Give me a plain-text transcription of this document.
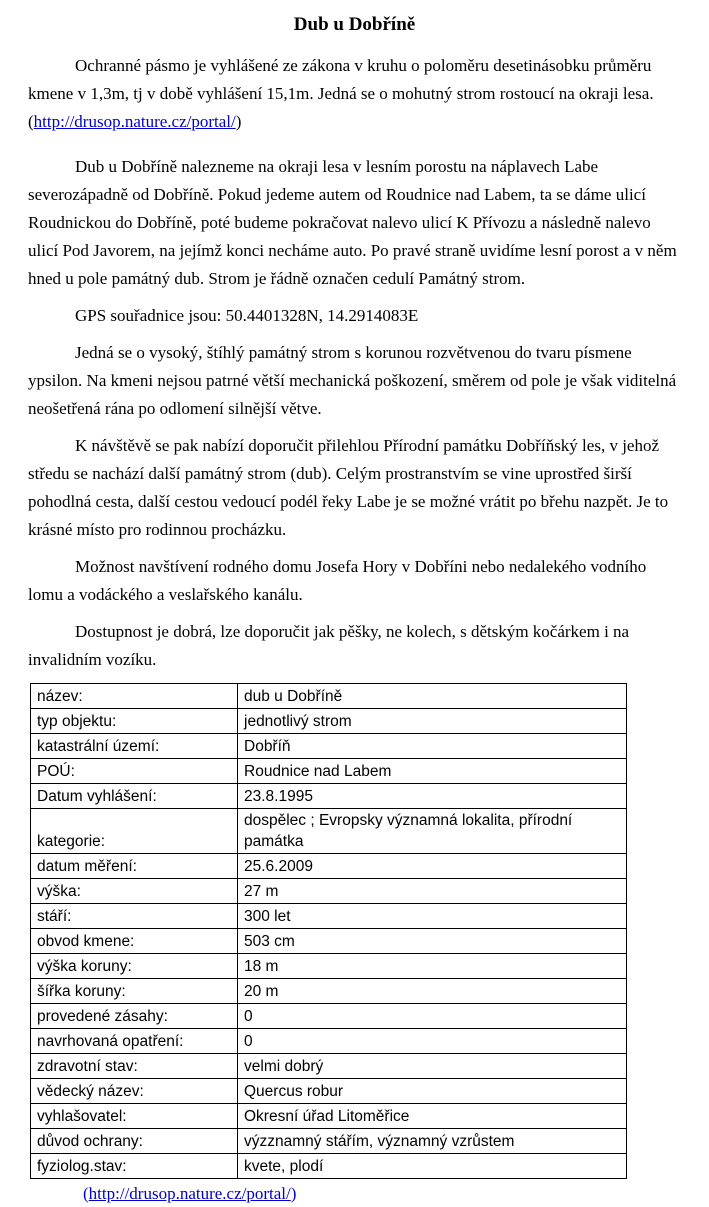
Dub u Dobříně

Ochranné pásmo je vyhlášené ze zákona v kruhu o poloměru desetinásobku průměru kmene v 1,3m, tj v době vyhlášení 15,1m. Jedná se o mohutný strom rostoucí na okraji lesa. (http://drusop.nature.cz/portal/)

Dub u Dobříně nalezneme na okraji lesa v lesním porostu na náplavech Labe severozápadně od Dobříně. Pokud jedeme autem od Roudnice nad Labem, ta se dáme ulicí Roudnickou do Dobříně, poté budeme pokračovat nalevo ulicí K Přívozu a následně nalevo ulicí Pod Javorem, na jejímž konci necháme auto. Po pravé straně uvidíme lesní porost a v něm hned u pole památný dub. Strom je řádně označen cedulí Památný strom.

GPS souřadnice jsou: 50.4401328N, 14.2914083E

Jedná se o vysoký, štíhlý památný strom s korunou rozvětvenou do tvaru písmene ypsilon. Na kmeni nejsou patrné větší mechanická poškození, směrem od pole je však viditelná neošetřená rána po odlomení silnější větve.

K návštěvě se pak nabízí doporučit přilehlou Přírodní památku Dobříňský les, v jehož středu se nachází další památný strom (dub). Celým prostranstvím se vine uprostřed širší pohodlná cesta, další cestou vedoucí podél řeky Labe je se možné vrátit po břehu nazpět. Je to krásné místo pro rodinnou procházku.

Možnost navštívení rodného domu Josefa Hory v Dobříni nebo nedalekého vodního lomu a vodáckého a veslařského kanálu.

Dostupnost je dobrá, lze doporučit jak pěšky, ne kolech, s dětským kočárkem i na invalidním vozíku.

název:	dub u Dobříně
typ objektu:	jednotlivý strom
katastrální území:	Dobříň
POÚ:	Roudnice nad Labem
Datum vyhlášení:	23.8.1995
kategorie:	dospělec ; Evropsky významná lokalita, přírodní památka
datum měření:	25.6.2009
výška:	27 m
stáří:	300 let
obvod kmene:	503 cm
výška koruny:	18 m
šířka koruny:	20 m
provedené zásahy:	0
navrhovaná opatření:	0
zdravotní stav:	velmi dobrý
vědecký název:	Quercus robur
vyhlašovatel:	Okresní úřad Litoměřice
důvod ochrany:	výzznamný stářím, významný vzrůstem
fyziolog.stav:	kvete, plodí

(http://drusop.nature.cz/portal/)
